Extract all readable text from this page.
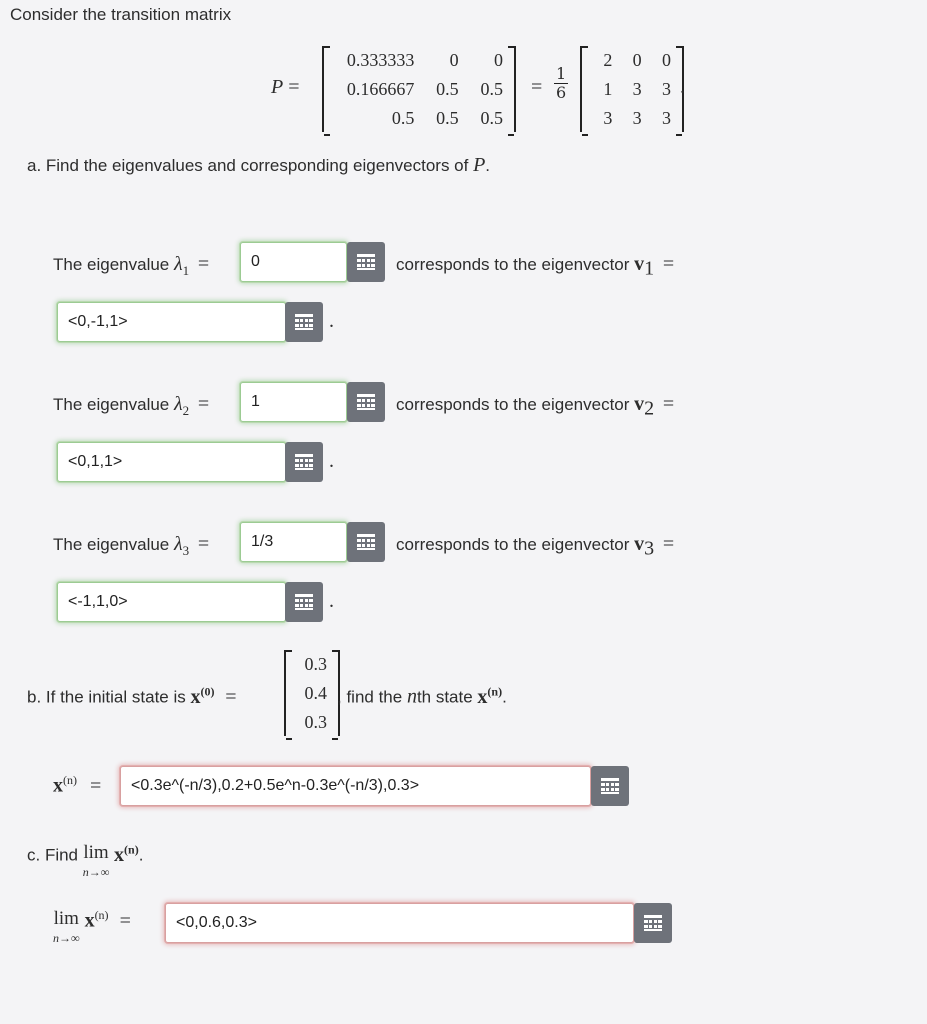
Consider the transition matrix
P =
0.333333	0	0
0.166667	0.5	0.5
0.5	0.5	0.5
= $\frac{1}{6}$
2	0	0
1	3	3
3	3	3
.
a. Find the eigenvalues and corresponding eigenvectors of P.
The eigenvalue $\lambda_1$ =	0	corresponds to the eigenvector $v_1$ =
<0,-1,1>	.
The eigenvalue $\lambda_2$ =	1	corresponds to the eigenvector $v_2$ =
<0,1,1>	.
The eigenvalue $\lambda_3$ =	1/3	corresponds to the eigenvector $v_3$ =
<-1,1,0>	.
b. If the initial state is $x^{(0)}$ =
0.3
0.4
0.3
, find the nth state $x^{(n)}$.
$x^{(n)}$ =	<0.3e^(-n/3),0.2+0.5e^n-0.3e^(-n/3),0.3>
c. Find lim
n→∞
$x^{(n)}$.
lim
n→∞
$x^{(n)}$ =	<0,0.6,0.3>
